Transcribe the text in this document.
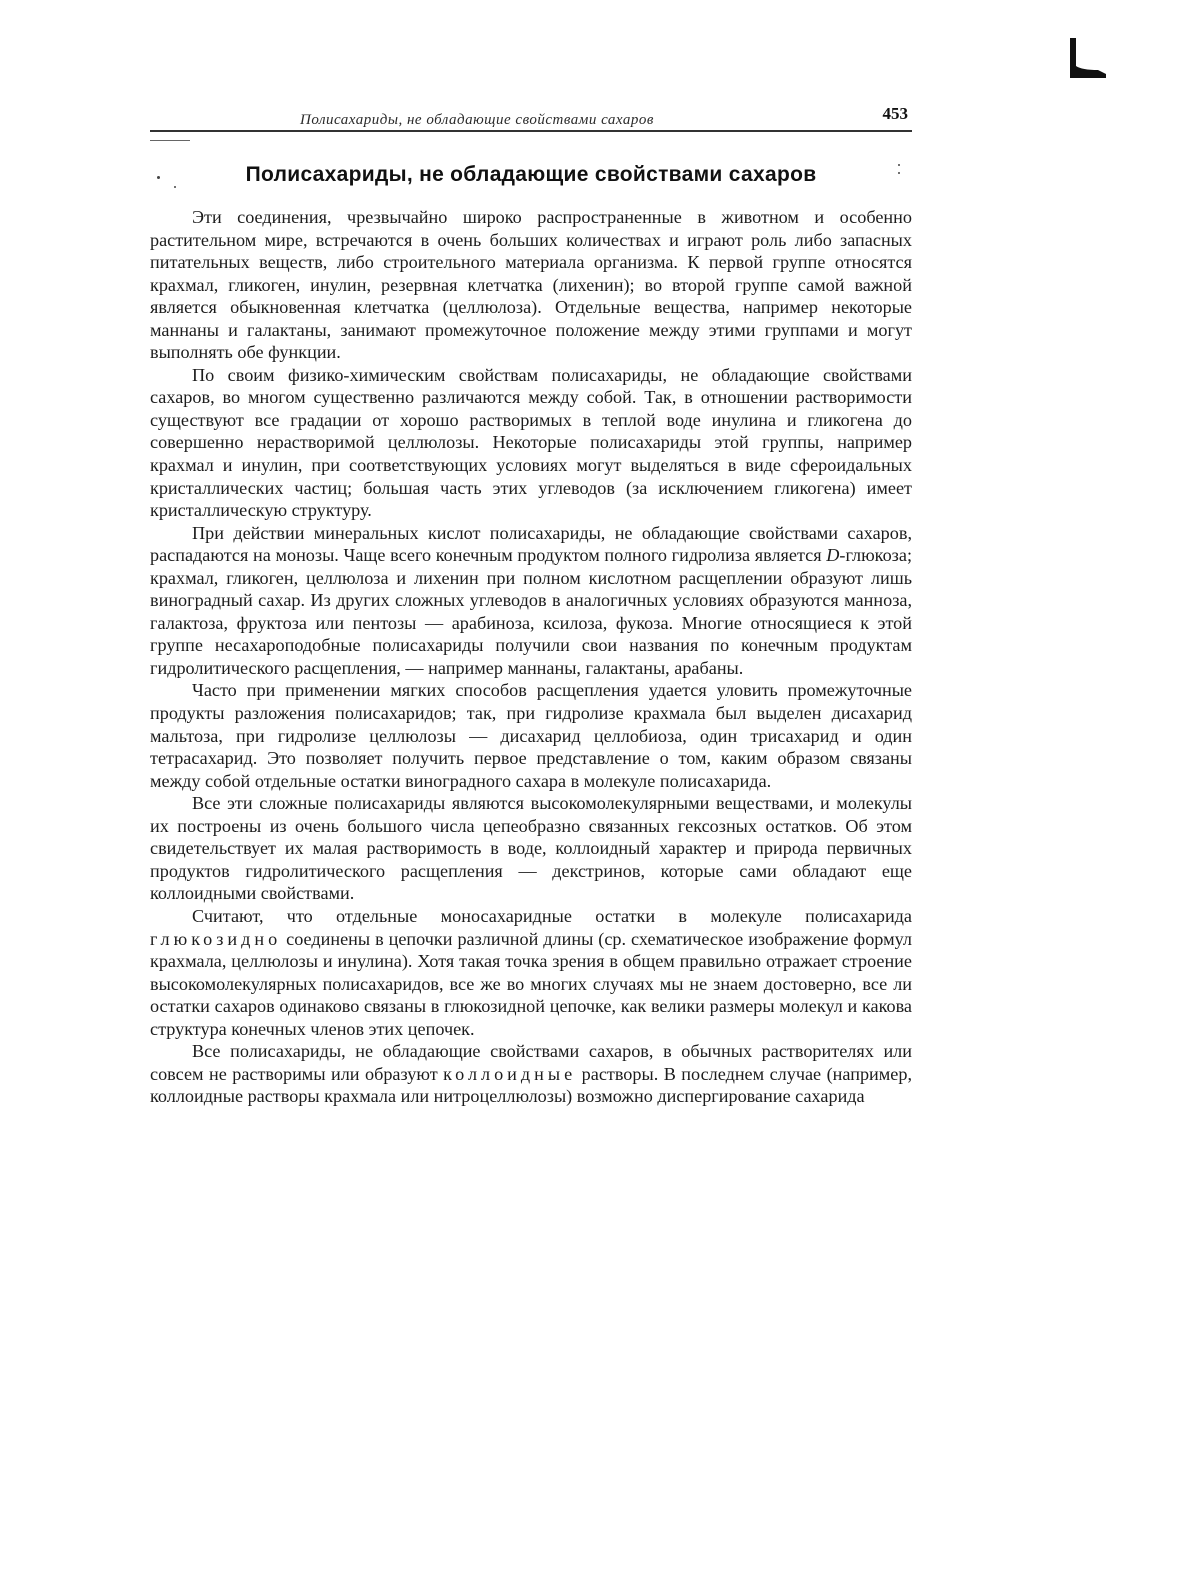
Полисахариды, не обладающие свойствами сахаров	453
Полисахариды, не обладающие свойствами сахаров

Эти соединения, чрезвычайно широко распространенные в животном и особенно растительном мире, встречаются в очень больших количествах и играют роль либо запасных питательных веществ, либо строительного материала организма. К первой группе относятся крахмал, гликоген, инулин, резервная клетчатка (лихенин); во второй группе самой важной является обыкновенная клетчатка (целлюлоза). Отдельные вещества, например некоторые маннаны и галактаны, занимают промежуточное положение между этими группами и могут выполнять обе функции.

По своим физико-химическим свойствам полисахариды, не обладающие свойствами сахаров, во многом существенно различаются между собой. Так, в отношении растворимости существуют все градации от хорошо растворимых в теплой воде инулина и гликогена до совершенно нерастворимой целлюлозы. Некоторые полисахариды этой группы, например крахмал и инулин, при соответствующих условиях могут выделяться в виде сфероидальных кристаллических частиц; большая часть этих углеводов (за исключением гликогена) имеет кристаллическую структуру.

При действии минеральных кислот полисахариды, не обладающие свойствами сахаров, распадаются на монозы. Чаще всего конечным продуктом полного гидролиза является D-глюкоза; крахмал, гликоген, целлюлоза и лихенин при полном кислотном расщеплении образуют лишь виноградный сахар. Из других сложных углеводов в аналогичных условиях образуются манноза, галактоза, фруктоза или пентозы — арабиноза, ксилоза, фукоза. Многие относящиеся к этой группе несахароподобные полисахариды получили свои названия по конечным продуктам гидролитического расщепления, — например маннаны, галактаны, арабаны.

Часто при применении мягких способов расщепления удается уловить промежуточные продукты разложения полисахаридов; так, при гидролизе крахмала был выделен дисахарид мальтоза, при гидролизе целлюлозы — дисахарид целлобиоза, один трисахарид и один тетрасахарид. Это позволяет получить первое представление о том, каким образом связаны между собой отдельные остатки виноградного сахара в молекуле полисахарида.

Все эти сложные полисахариды являются высокомолекулярными веществами, и молекулы их построены из очень большого числа цепеобразно связанных гексозных остатков. Об этом свидетельствует их малая растворимость в воде, коллоидный характер и природа первичных продуктов гидролитического расщепления — декстринов, которые сами обладают еще коллоидными свойствами.

Считают, что отдельные моносахаридные остатки в молекуле полисахарида глюкозидно соединены в цепочки различной длины (ср. схематическое изображение формул крахмала, целлюлозы и инулина). Хотя такая точка зрения в общем правильно отражает строение высокомолекулярных полисахаридов, все же во многих случаях мы не знаем достоверно, все ли остатки сахаров одинаково связаны в глюкозидной цепочке, как велики размеры молекул и какова структура конечных членов этих цепочек.

Все полисахариды, не обладающие свойствами сахаров, в обычных растворителях или совсем не растворимы или образуют коллоидные растворы. В последнем случае (например, коллоидные растворы крахмала или нитроцеллюлозы) возможно диспергирование сахарида
